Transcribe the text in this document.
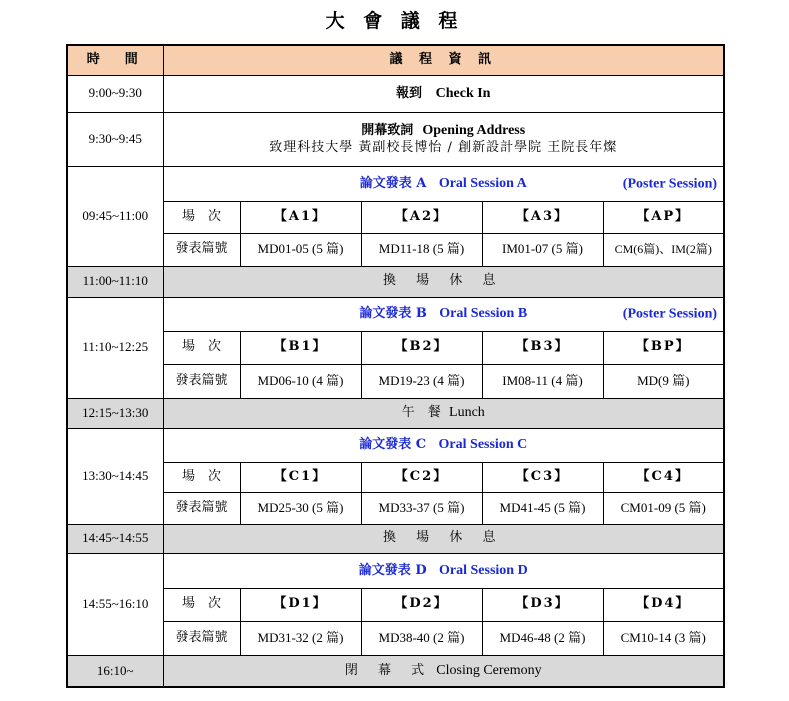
大 會 議 程
時　間	議 程 資 訊				
9:00~9:30	報到 Check In				
9:30~9:45	開幕致詞 Opening Address
致理科技大學 黃副校長博怡 / 創新設計學院 王院長年燦				

09:45~11:00	論文發表 A Oral Session A (Poster Session)				

	場　次	【A1】	【A2】	【A3】	【AP】
	發表篇號	MD01-05 (5 篇)	MD11-18 (5 篇)	IM01-07 (5 篇)	CM(6篇)、IM(2篇)
11:00~11:10	換 場 休 息				
11:10~12:25	論文發表 B Oral Session B (Poster Session)				

	場　次	【B1】	【B2】	【B3】	【BP】
	發表篇號	MD06-10 (4 篇)	MD19-23 (4 篇)	IM08-11 (4 篇)	MD(9 篇)
12:15~13:30	午　餐 Lunch				
13:30~14:45	論文發表 C Oral Session C				
	場　次	【C1】	【C2】	【C3】	【C4】
	發表篇號	MD25-30 (5 篇)	MD33-37 (5 篇)	MD41-45 (5 篇)	CM01-09 (5 篇)
14:45~14:55	換 場 休 息				
14:55~16:10	論文發表 D Oral Session D				
	場　次	【D1】	【D2】	【D3】	【D4】
	發表篇號	MD31-32 (2 篇)	MD38-40 (2 篇)	MD46-48 (2 篇)	CM10-14 (3 篇)
16:10~	閉 幕 式 Closing Ceremony				
